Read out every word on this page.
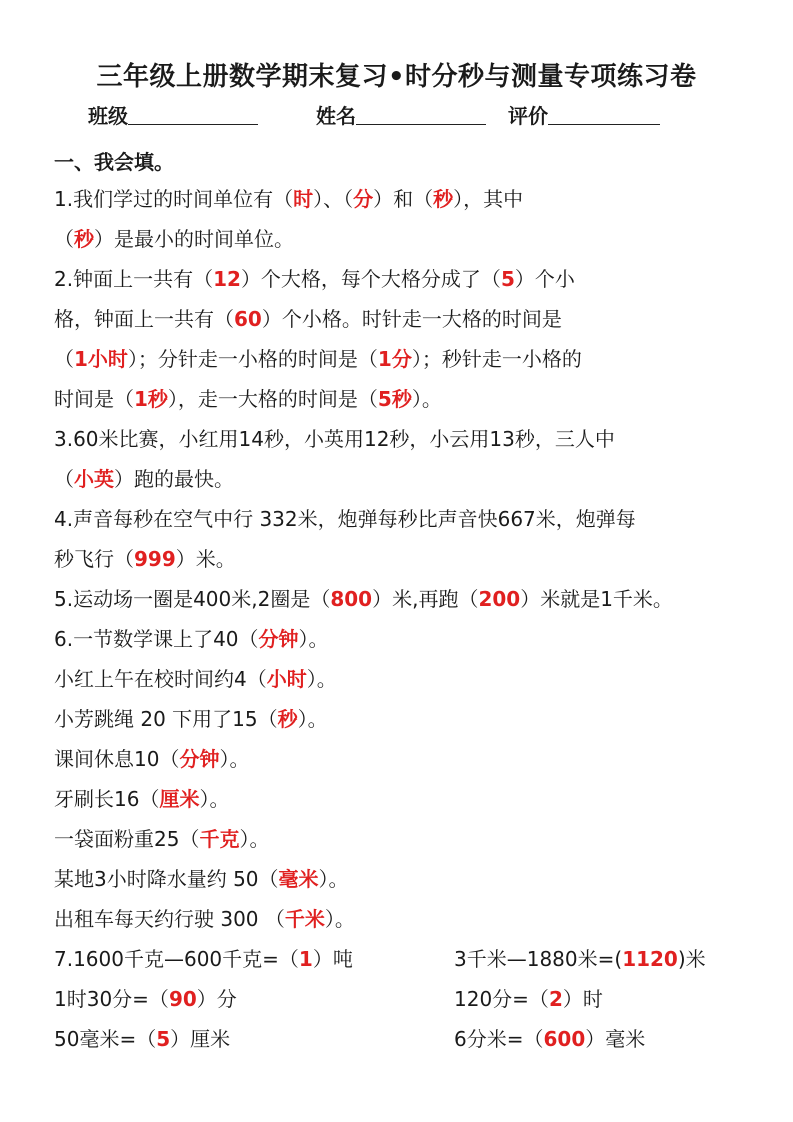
三年级上册数学期末复习•时分秒与测量专项练习卷
班级	姓名	评价
一、我会填。
1.我们学过的时间单位有（时）、（分）和（秒），其中
（秒）是最小的时间单位。
2.钟面上一共有（12）个大格，每个大格分成了（5）个小
格，钟面上一共有（60）个小格。时针走一大格的时间是
（1小时）；分针走一小格的时间是（1分）；秒针走一小格的
时间是（1秒），走一大格的时间是（5秒）。
3.60米比赛，小红用14秒，小英用12秒，小云用13秒，三人中
（小英）跑的最快。
4.声音每秒在空气中行 332米，炮弹每秒比声音快667米，炮弹每
秒飞行（999）米。
5.运动场一圈是400米,2圈是（800）米,再跑（200）米就是1千米。
6.一节数学课上了40（分钟）。
小红上午在校时间约4（小时）。
小芳跳绳 20 下用了15（秒）。
课间休息10（分钟）。
牙刷长16（厘米）。
一袋面粉重25（千克）。
某地3小时降水量约 50（毫米）。
出租车每天约行驶 300 （千米）。
7.1600千克—600千克=（1）吨	3千米—1880米=(1120)米
1时30分=（90）分	120分=（2）时
50毫米=（5）厘米	6分米=（600）毫米
